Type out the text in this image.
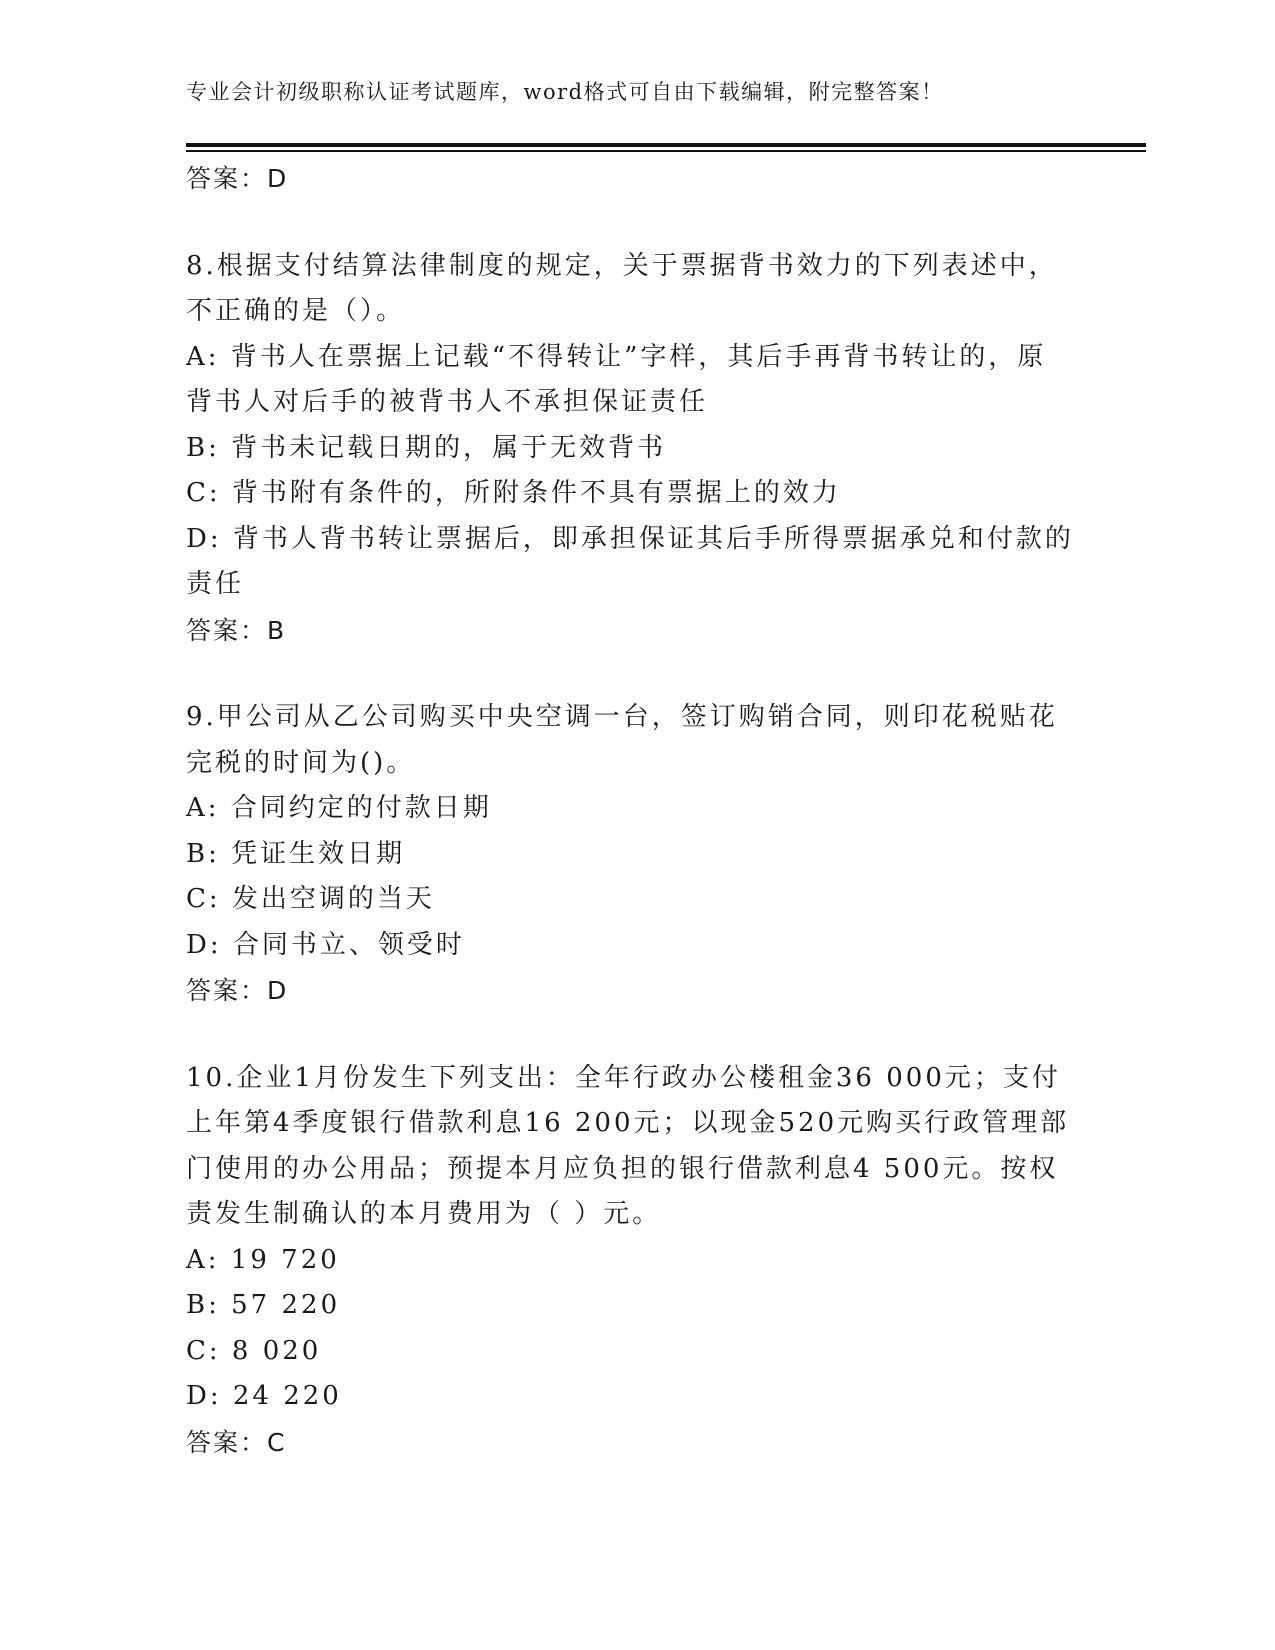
专业会计初级职称认证考试题库，word格式可自由下载编辑，附完整答案！
答案：D
8.根据支付结算法律制度的规定，关于票据背书效力的下列表述中，
不正确的是（）。
A: 背书人在票据上记载“不得转让”字样，其后手再背书转让的，原
背书人对后手的被背书人不承担保证责任
B: 背书未记载日期的，属于无效背书
C: 背书附有条件的，所附条件不具有票据上的效力
D: 背书人背书转让票据后，即承担保证其后手所得票据承兑和付款的
责任
答案：B
9.甲公司从乙公司购买中央空调一台，签订购销合同，则印花税贴花
完税的时间为()。
A: 合同约定的付款日期
B: 凭证生效日期
C: 发出空调的当天
D: 合同书立、领受时
答案：D
10.企业1月份发生下列支出：全年行政办公楼租金36 000元；支付
上年第4季度银行借款利息16 200元；以现金520元购买行政管理部
门使用的办公用品；预提本月应负担的银行借款利息4 500元。按权
责发生制确认的本月费用为（ ）元。
A: 19 720
B: 57 220
C: 8 020
D: 24 220
答案：C
